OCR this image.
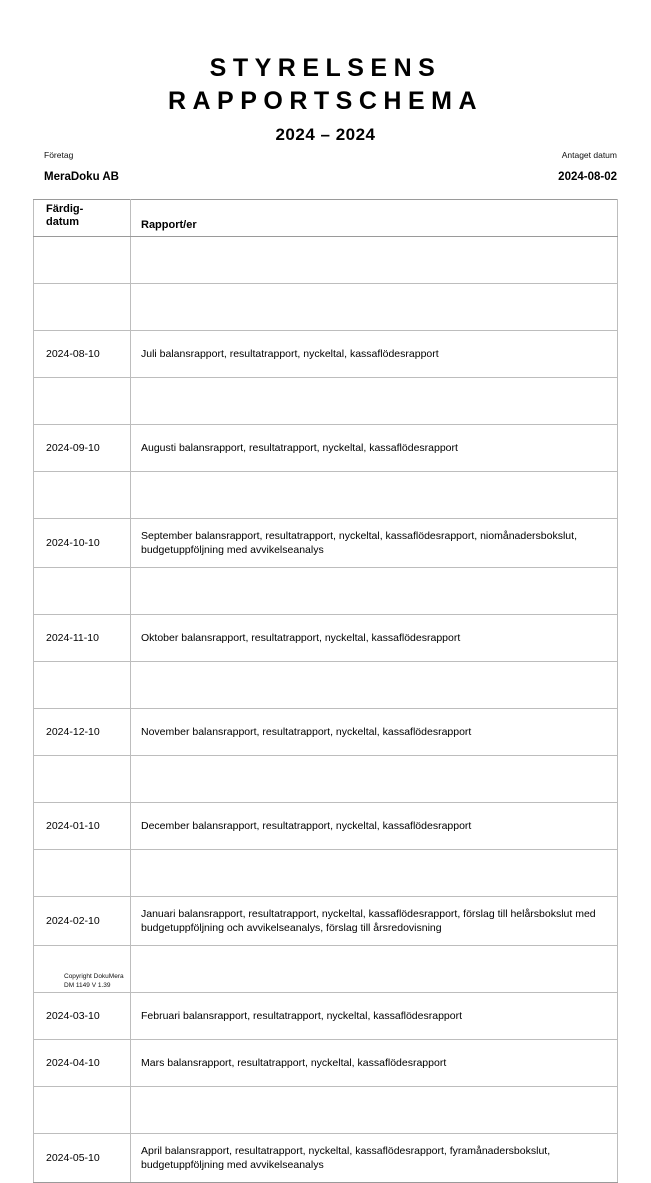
STYRELSENS
RAPPORTSCHEMA
2024 – 2024
Företag
MeraDoku AB
Antaget datum
2024-08-02
Färdig-
datum	Rapport/er

2024-08-10	Juli balansrapport, resultatrapport, nyckeltal, kassaflödesrapport

2024-09-10	Augusti balansrapport, resultatrapport, nyckeltal, kassaflödesrapport

2024-10-10	September balansrapport, resultatrapport, nyckeltal, kassaflödesrapport, niomånadersbokslut, budgetuppföljning med avvikelseanalys

2024-11-10	Oktober balansrapport, resultatrapport, nyckeltal, kassaflödesrapport

2024-12-10	November balansrapport, resultatrapport, nyckeltal, kassaflödesrapport

2024-01-10	December balansrapport, resultatrapport, nyckeltal, kassaflödesrapport

2024-02-10	Januari balansrapport, resultatrapport, nyckeltal, kassaflödesrapport, förslag till helårsbokslut med budgetuppföljning och avvikelseanalys, förslag till årsredovisning

2024-03-10	Februari balansrapport, resultatrapport, nyckeltal, kassaflödesrapport
2024-04-10	Mars balansrapport, resultatrapport, nyckeltal, kassaflödesrapport

2024-05-10	April balansrapport, resultatrapport, nyckeltal, kassaflödesrapport, fyramånadersbokslut, budgetuppföljning med avvikelseanalys
Copyright DokuMera
DM 1149 V 1.39
